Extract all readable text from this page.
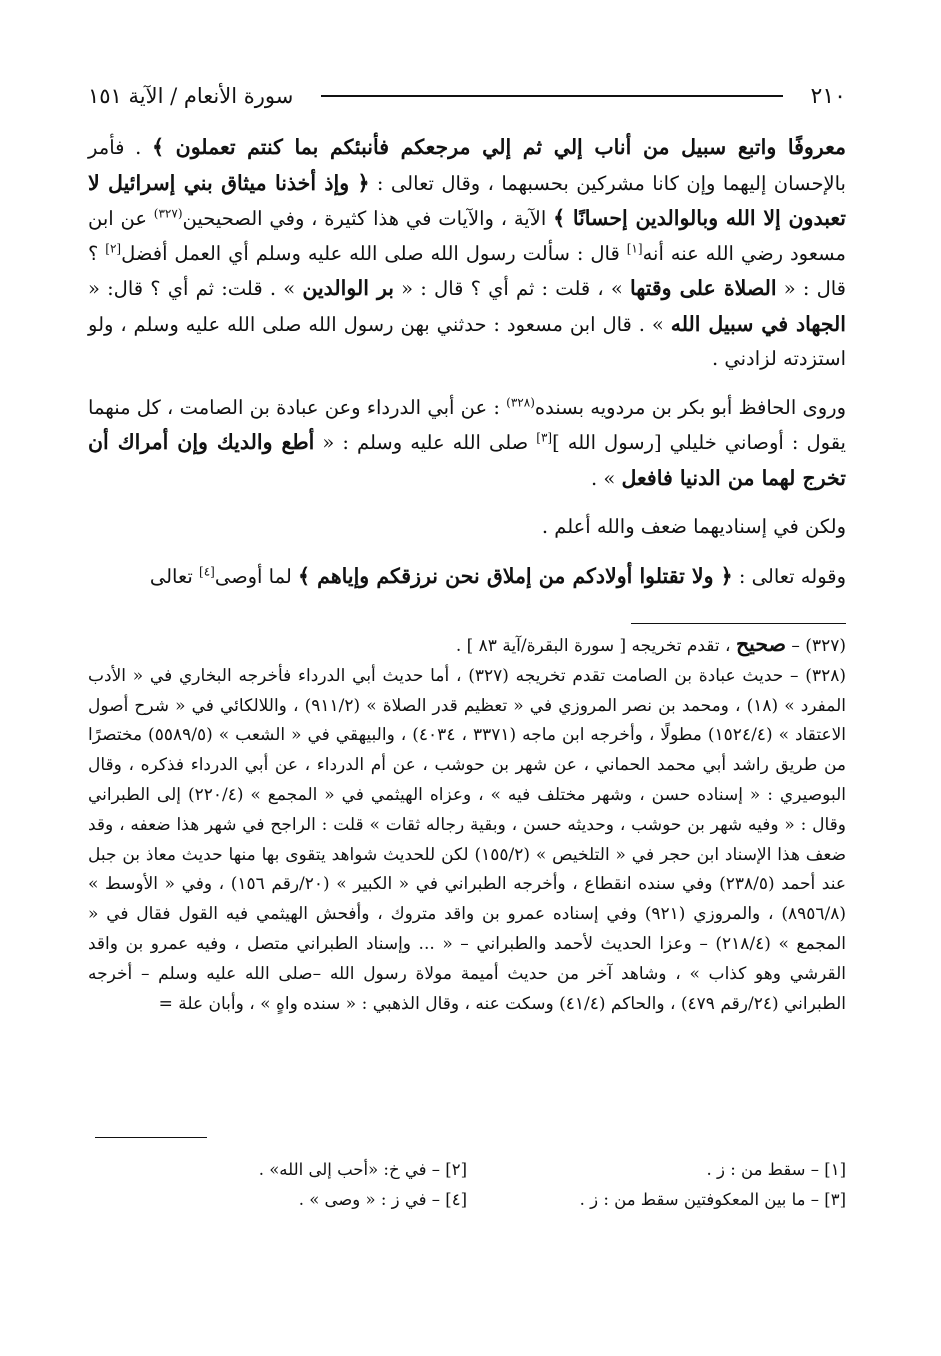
٢١٠
سورة الأنعام / الآية ١٥١

معروفًا واتبع سبيل من أناب إلي ثم إلي مرجعكم فأنبئكم بما كنتم تعملون ﴾ . فأمر بالإحسان إليهما وإن كانا مشركين بحسبهما ، وقال تعالى : ﴿ وإذ أخذنا ميثاق بني إسرائيل لا تعبدون إلا الله وبالوالدين إحسانًا ﴾ الآية ، والآيات في هذا كثيرة ، وفي الصحيحين$^{(٣٢٧)}$ عن ابن مسعود رضي الله عنه أنه[١] قال : سألت رسول الله صلى الله عليه وسلم أي العمل أفضل[٢] ؟ قال : « الصلاة على وقتها » ، قلت : ثم أي ؟ قال : « بر الوالدين » . قلت: ثم أي ؟ قال: « الجهاد في سبيل الله » . قال ابن مسعود : حدثني بهن رسول الله صلى الله عليه وسلم ، ولو استزدته لزادني .

وروى الحافظ أبو بكر بن مردويه بسنده$^{(٣٢٨)}$ : عن أبي الدرداء وعن عبادة بن الصامت ، كل منهما يقول : أوصاني خليلي [رسول الله ][٣] صلى الله عليه وسلم : « أطع والديك وإن أمراك أن تخرج لهما من الدنيا فافعل » .

ولكن في إسناديهما ضعف والله أعلم .

وقوله تعالى : ﴿ ولا تقتلوا أولادكم من إملاق نحن نرزقكم وإياهم ﴾ لما أوصى[٤] تعالى

(٣٢٧) – صحيح ، تقدم تخريجه [ سورة البقرة/آية ٨٣ ] .

(٣٢٨) – حديث عبادة بن الصامت تقدم تخريجه (٣٢٧) ، أما حديث أبي الدرداء فأخرجه البخاري في « الأدب المفرد » (١٨) ، ومحمد بن نصر المروزي في « تعظيم قدر الصلاة » (٩١١/٢) ، واللالكائي في « شرح أصول الاعتقاد » (١٥٢٤/٤) مطولًا ، وأخرجه ابن ماجه (٣٣٧١ ، ٤٠٣٤) ، والبيهقي في « الشعب » (٥٥٨٩/٥) مختصرًا من طريق راشد أبي محمد الحماني ، عن شهر بن حوشب ، عن أم الدرداء ، عن أبي الدرداء فذكره ، وقال البوصيري : « إسناده حسن ، وشهر مختلف فيه » ، وعزاه الهيثمي في « المجمع » (٢٢٠/٤) إلى الطبراني وقال : « وفيه شهر بن حوشب ، وحديثه حسن ، وبقية رجاله ثقات » قلت : الراجح في شهر هذا ضعفه ، وقد ضعف هذا الإسناد ابن حجر في « التلخيص » (١٥٥/٢) لكن للحديث شواهد يتقوى بها منها حديث معاذ بن جبل عند أحمد (٢٣٨/٥) وفي سنده انقطاع ، وأخرجه الطبراني في « الكبير » (٢٠/رقم ١٥٦) ، وفي « الأوسط » (٨٩٥٦/٨) ، والمروزي (٩٢١) وفي إسناده عمرو بن واقد متروك ، وأفحش الهيثمي فيه القول فقال في « المجمع » (٢١٨/٤) – وعزا الحديث لأحمد والطبراني – « ... وإسناد الطبراني متصل ، وفيه عمرو بن واقد القرشي وهو كذاب » ، وشاهد آخر من حديث أميمة مولاة رسول الله –صلى الله عليه وسلم – أخرجه الطبراني (٢٤/رقم ٤٧٩) ، والحاكم (٤١/٤) وسكت عنه ، وقال الذهبي : « سنده واهٍ » ، وأبان علة =

[١] – سقط من : ز .
[٢] – في خ: «أحب إلى الله» .
[٣] – ما بين المعكوفتين سقط من : ز .
[٤] – في ز : « وصى » .
